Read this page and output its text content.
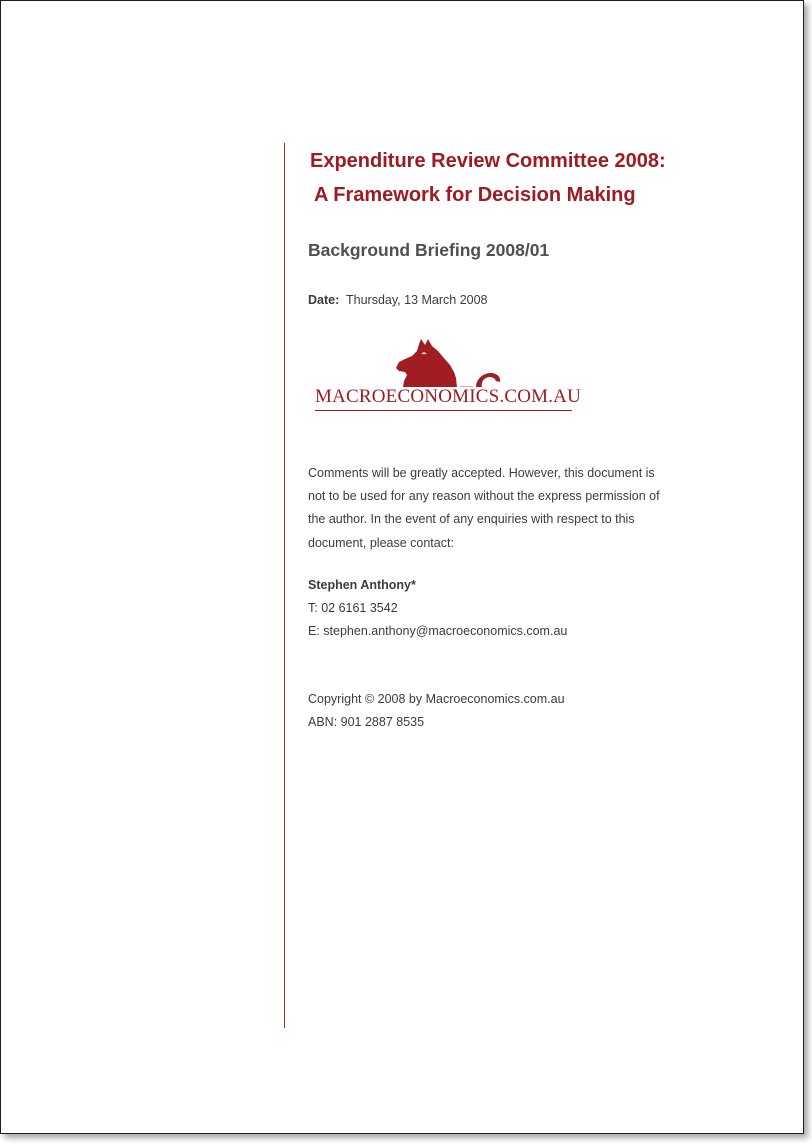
Expenditure Review Committee 2008:
A Framework for Decision Making
Background Briefing 2008/01
Date: Thursday, 13 March 2008
MACROECONOMICS.COM.AU
Comments will be greatly accepted. However, this document is
not to be used for any reason without the express permission of
the author. In the event of any enquiries with respect to this
document, please contact:
Stephen Anthony*
T: 02 6161 3542
E: stephen.anthony@macroeconomics.com.au
Copyright © 2008 by Macroeconomics.com.au
ABN: 901 2887 8535
